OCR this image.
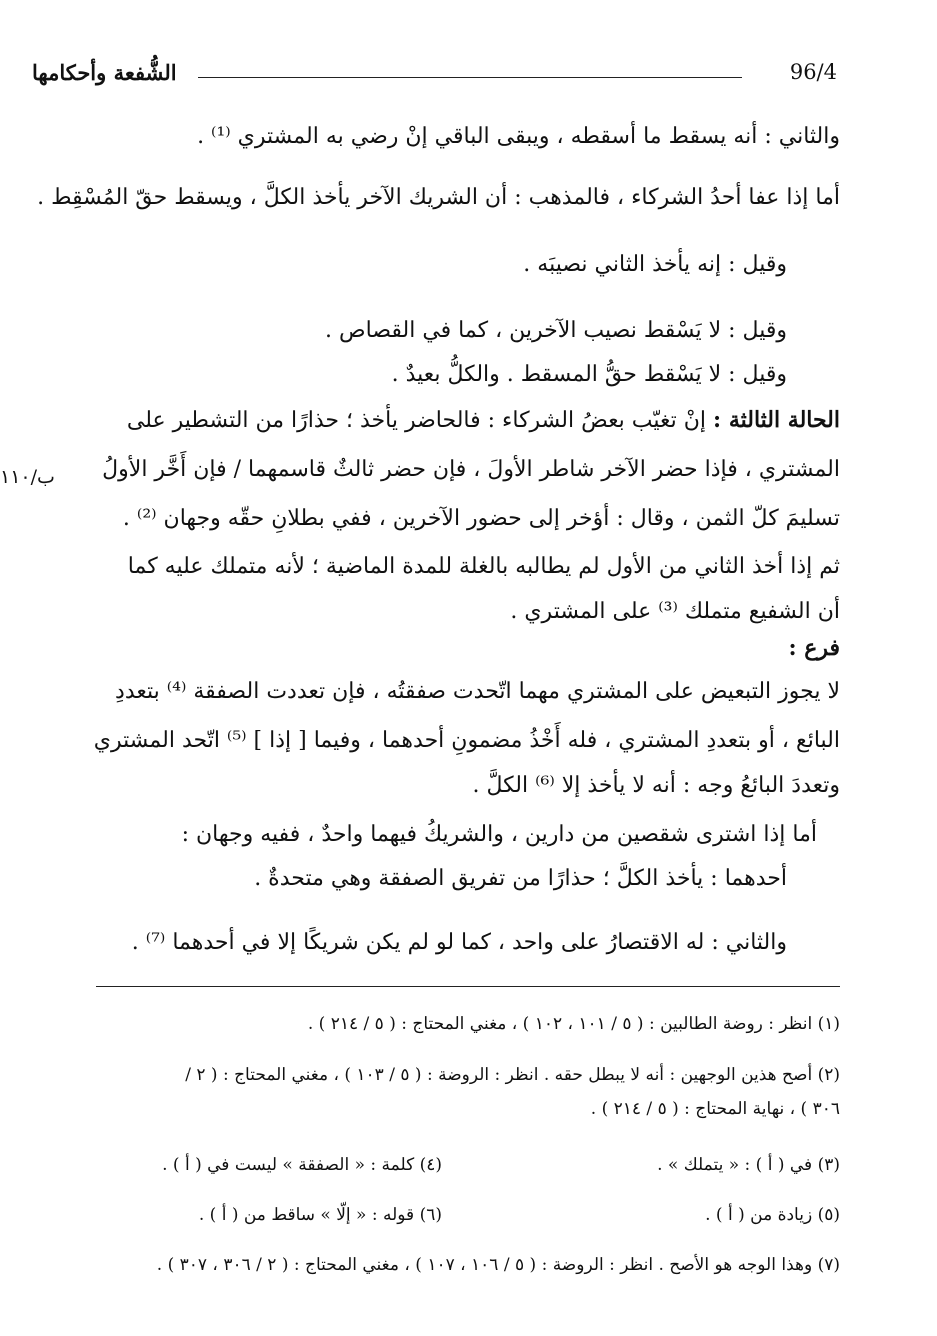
الشُّفعة وأحكامها	96/4
ب/١١٠
والثاني : أنه يسقط ما أسقطه ، ويبقى الباقي إنْ رضي به المشتري ⁽¹⁾ .
أما إذا عفا أحدُ الشركاء ، فالمذهب : أن الشريك الآخر يأخذ الكلَّ ، ويسقط حقّ المُسْقِط .
وقيل : إنه يأخذ الثاني نصيبَه .
وقيل : لا يَسْقط نصيب الآخرين ، كما في القصاص .
وقيل : لا يَسْقط حقُّ المسقط . والكلُّ بعيدٌ .
الحالة الثالثة : إنْ تغيّب بعضُ الشركاء : فالحاضر يأخذ ؛ حذارًا من التشطير على
المشتري ، فإذا حضر الآخر شاطر الأولَ ، فإن حضر ثالثٌ قاسمهما / فإن أَخَّر الأولُ
تسليمَ كلّ الثمن ، وقال : أؤخر إلى حضور الآخرين ، ففي بطلانِ حقّه وجهان ⁽²⁾ .
ثم إذا أخذ الثاني من الأول لم يطالبه بالغلة للمدة الماضية ؛ لأنه متملك عليه كما
أن الشفيع متملك ⁽³⁾ على المشتري .
فرع :
لا يجوز التبعيض على المشتري مهما اتّحدت صفقتُه ، فإن تعددت الصفقة ⁽⁴⁾ بتعددِ
البائع ، أو بتعددِ المشتري ، فله أَخْذُ مضمونِ أحدهما ، وفيما [ إذا ] ⁽⁵⁾ اتّحد المشتري
وتعددَ البائعُ وجه : أنه لا يأخذ إلا ⁽⁶⁾ الكلَّ .
أما إذا اشترى شقصين من دارين ، والشريكُ فيهما واحدٌ ، ففيه وجهان :
أحدهما : يأخذ الكلَّ ؛ حذارًا من تفريق الصفقة وهي متحدةٌ .
والثاني : له الاقتصارُ على واحد ، كما لو لم يكن شريكًا إلا في أحدهما ⁽⁷⁾ .
(١) انظر : روضة الطالبين : ( ٥ / ١٠١ ، ١٠٢ ) ، مغني المحتاج : ( ٥ / ٢١٤ ) .
(٢) أصح هذين الوجهين : أنه لا يبطل حقه . انظر : الروضة : ( ٥ / ١٠٣ ) ، مغني المحتاج : ( ٢ /
٣٠٦ ) ، نهاية المحتاج : ( ٥ / ٢١٤ ) .
(٣) في ( أ ) : « يتملك » .
(٤) كلمة : « الصفقة » ليست في ( أ ) .
(٥) زيادة من ( أ ) .
(٦) قوله : « إلّا » ساقط من ( أ ) .
(٧) وهذا الوجه هو الأصح . انظر : الروضة : ( ٥ / ١٠٦ ، ١٠٧ ) ، مغني المحتاج : ( ٢ / ٣٠٦ ، ٣٠٧ ) .
